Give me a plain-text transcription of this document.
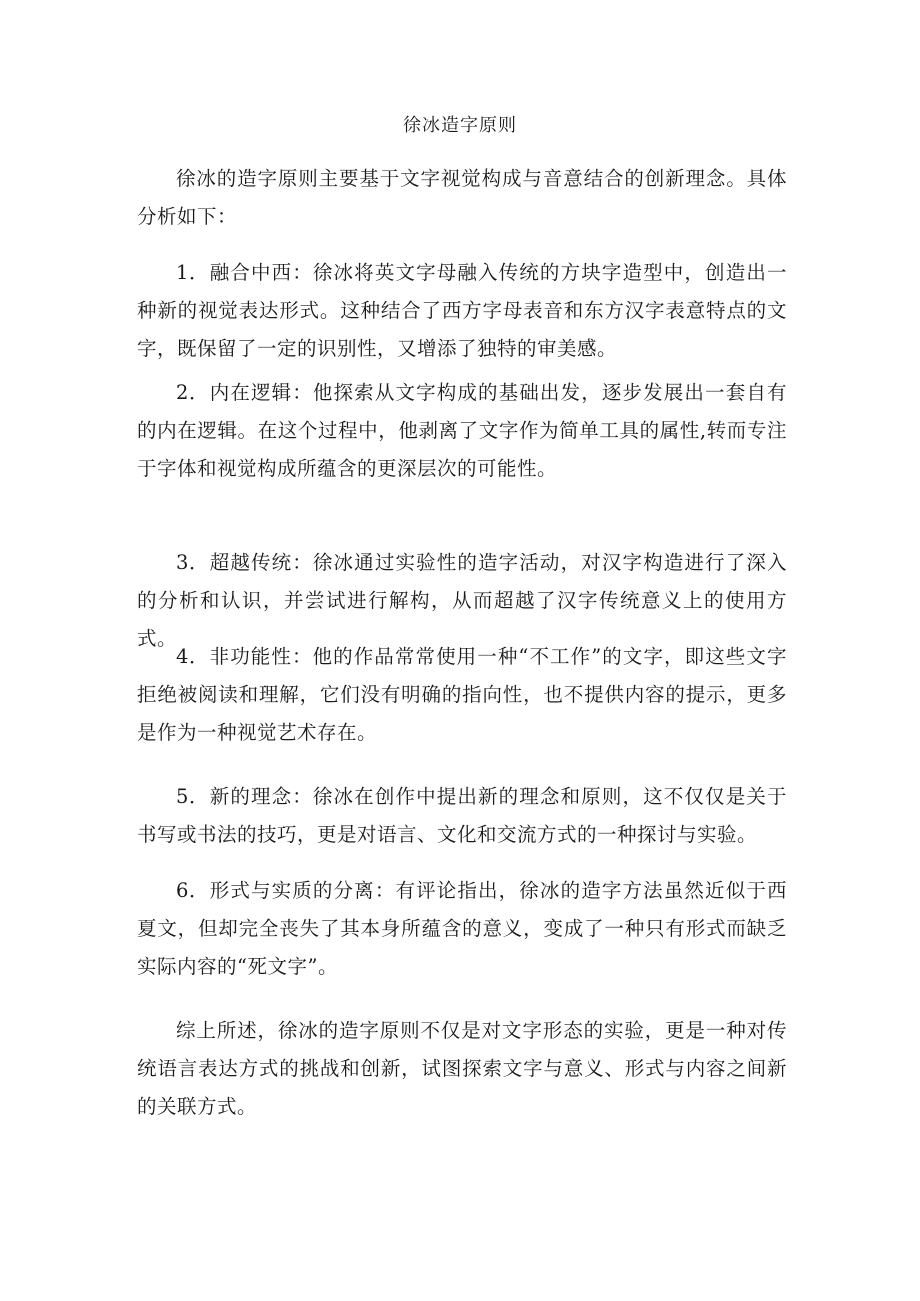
徐冰造字原则

徐冰的造字原则主要基于文字视觉构成与音意结合的创新理念。具体分析如下：

1．融合中西：徐冰将英文字母融入传统的方块字造型中，创造出一种新的视觉表达形式。这种结合了西方字母表音和东方汉字表意特点的文字，既保留了一定的识别性，又增添了独特的审美感。

2．内在逻辑：他探索从文字构成的基础出发，逐步发展出一套自有的内在逻辑。在这个过程中，他剥离了文字作为简单工具的属性,转而专注于字体和视觉构成所蕴含的更深层次的可能性。

3．超越传统：徐冰通过实验性的造字活动，对汉字构造进行了深入的分析和认识，并尝试进行解构，从而超越了汉字传统意义上的使用方式。

4．非功能性：他的作品常常使用一种“不工作”的文字，即这些文字拒绝被阅读和理解，它们没有明确的指向性，也不提供内容的提示，更多是作为一种视觉艺术存在。

5．新的理念：徐冰在创作中提出新的理念和原则，这不仅仅是关于书写或书法的技巧，更是对语言、文化和交流方式的一种探讨与实验。

6．形式与实质的分离：有评论指出，徐冰的造字方法虽然近似于西夏文，但却完全丧失了其本身所蕴含的意义，变成了一种只有形式而缺乏实际内容的“死文字”。

综上所述，徐冰的造字原则不仅是对文字形态的实验，更是一种对传统语言表达方式的挑战和创新，试图探索文字与意义、形式与内容之间新的关联方式。
